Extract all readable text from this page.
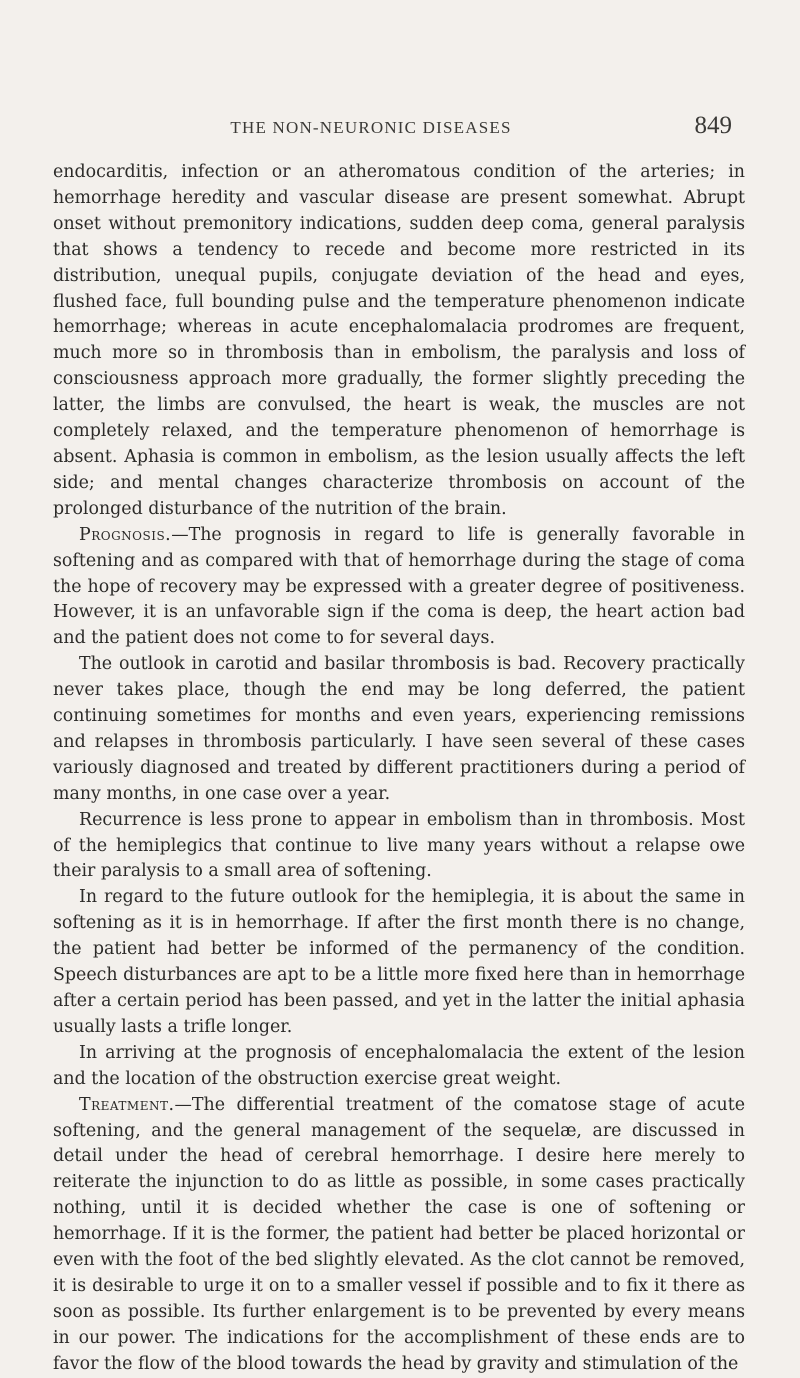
THE NON-NEURONIC DISEASES	849

endocarditis, infection or an atheromatous condition of the arteries; in hemorrhage heredity and vascular disease are present somewhat. Abrupt onset without premonitory indications, sudden deep coma, general paralysis that shows a tendency to recede and become more restricted in its distribution, unequal pupils, conjugate deviation of the head and eyes, flushed face, full bounding pulse and the temperature phenomenon indicate hemorrhage; whereas in acute encephalomalacia prodromes are frequent, much more so in thrombosis than in embolism, the paralysis and loss of consciousness approach more gradually, the former slightly preceding the latter, the limbs are convulsed, the heart is weak, the muscles are not completely relaxed, and the temperature phenomenon of hemorrhage is absent. Aphasia is common in embolism, as the lesion usually affects the left side; and mental changes characterize thrombosis on account of the prolonged disturbance of the nutrition of the brain.

Prognosis.—The prognosis in regard to life is generally favorable in softening and as compared with that of hemorrhage during the stage of coma the hope of recovery may be expressed with a greater degree of positiveness. However, it is an unfavorable sign if the coma is deep, the heart action bad and the patient does not come to for several days.

The outlook in carotid and basilar thrombosis is bad. Recovery practically never takes place, though the end may be long deferred, the patient continuing sometimes for months and even years, experiencing remissions and relapses in thrombosis particularly. I have seen several of these cases variously diagnosed and treated by different practitioners during a period of many months, in one case over a year.

Recurrence is less prone to appear in embolism than in thrombosis. Most of the hemiplegics that continue to live many years without a relapse owe their paralysis to a small area of softening.

In regard to the future outlook for the hemiplegia, it is about the same in softening as it is in hemorrhage. If after the first month there is no change, the patient had better be informed of the permanency of the condition. Speech disturbances are apt to be a little more fixed here than in hemorrhage after a certain period has been passed, and yet in the latter the initial aphasia usually lasts a trifle longer.

In arriving at the prognosis of encephalomalacia the extent of the lesion and the location of the obstruction exercise great weight.

Treatment.—The differential treatment of the comatose stage of acute softening, and the general management of the sequelæ, are discussed in detail under the head of cerebral hemorrhage. I desire here merely to reiterate the injunction to do as little as possible, in some cases practically nothing, until it is decided whether the case is one of softening or hemorrhage. If it is the former, the patient had better be placed horizontal or even with the foot of the bed slightly elevated. As the clot cannot be removed, it is desirable to urge it on to a smaller vessel if possible and to fix it there as soon as possible. Its further enlargement is to be prevented by every means in our power. The indications for the accomplishment of these ends are to favor the flow of the blood towards the head by gravity and stimulation of the
